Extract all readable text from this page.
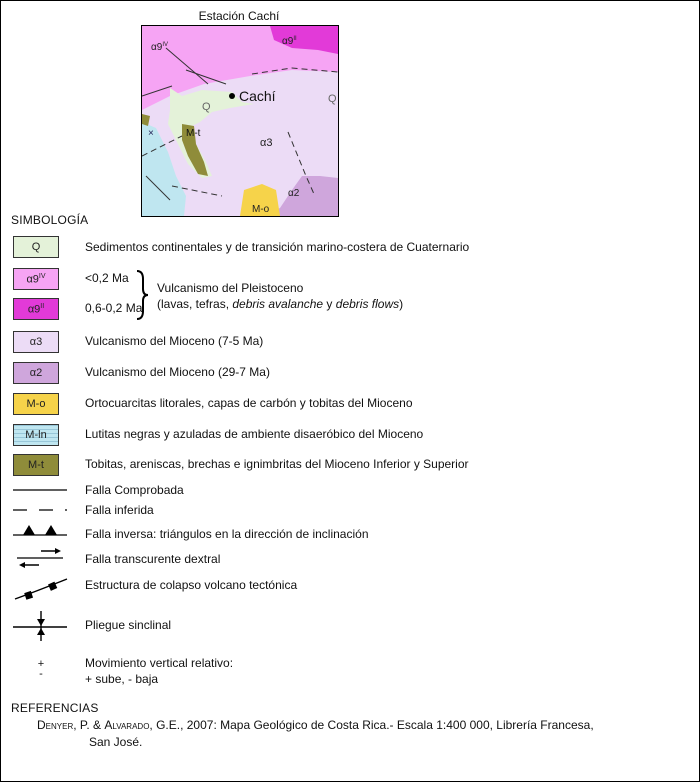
Estación Cachí
$\alpha 9^{IV}$	$\alpha 9^{II}$
Q
Q
Cachí
M-t
α3
α2
M-o
×
SIMBOLOGÍA
Q	Sedimentos continentales y de transición marino-costera de Cuaternario
$\alpha 9^{IV}$	<0,2 Ma
$\alpha 9^{II}$	0,6-0,2 Ma
Vulcanismo del Pleistoceno
(lavas, tefras, debris avalanche y debris flows)
α3	Vulcanismo del Mioceno (7-5 Ma)
α2	Vulcanismo del Mioceno (29-7 Ma)
M-o	Ortocuarcitas litorales, capas de carbón y tobitas del Mioceno
M-ln	Lutitas negras y azuladas de ambiente disaeróbico del Mioceno
M-t	Tobitas, areniscas, brechas e ignimbritas del Mioceno Inferior y Superior
Falla Comprobada
Falla inferida
Falla inversa: triángulos en la dirección de inclinación
Falla transcurente dextral
Estructura de colapso volcano tectónica
Pliegue sinclinal
+
-
Movimiento vertical relativo:
+ sube, - baja
REFERENCIAS
Denyer, P. & Alvarado, G.E., 2007: Mapa Geológico de Costa Rica.- Escala 1:400 000, Librería Francesa,
San José.
